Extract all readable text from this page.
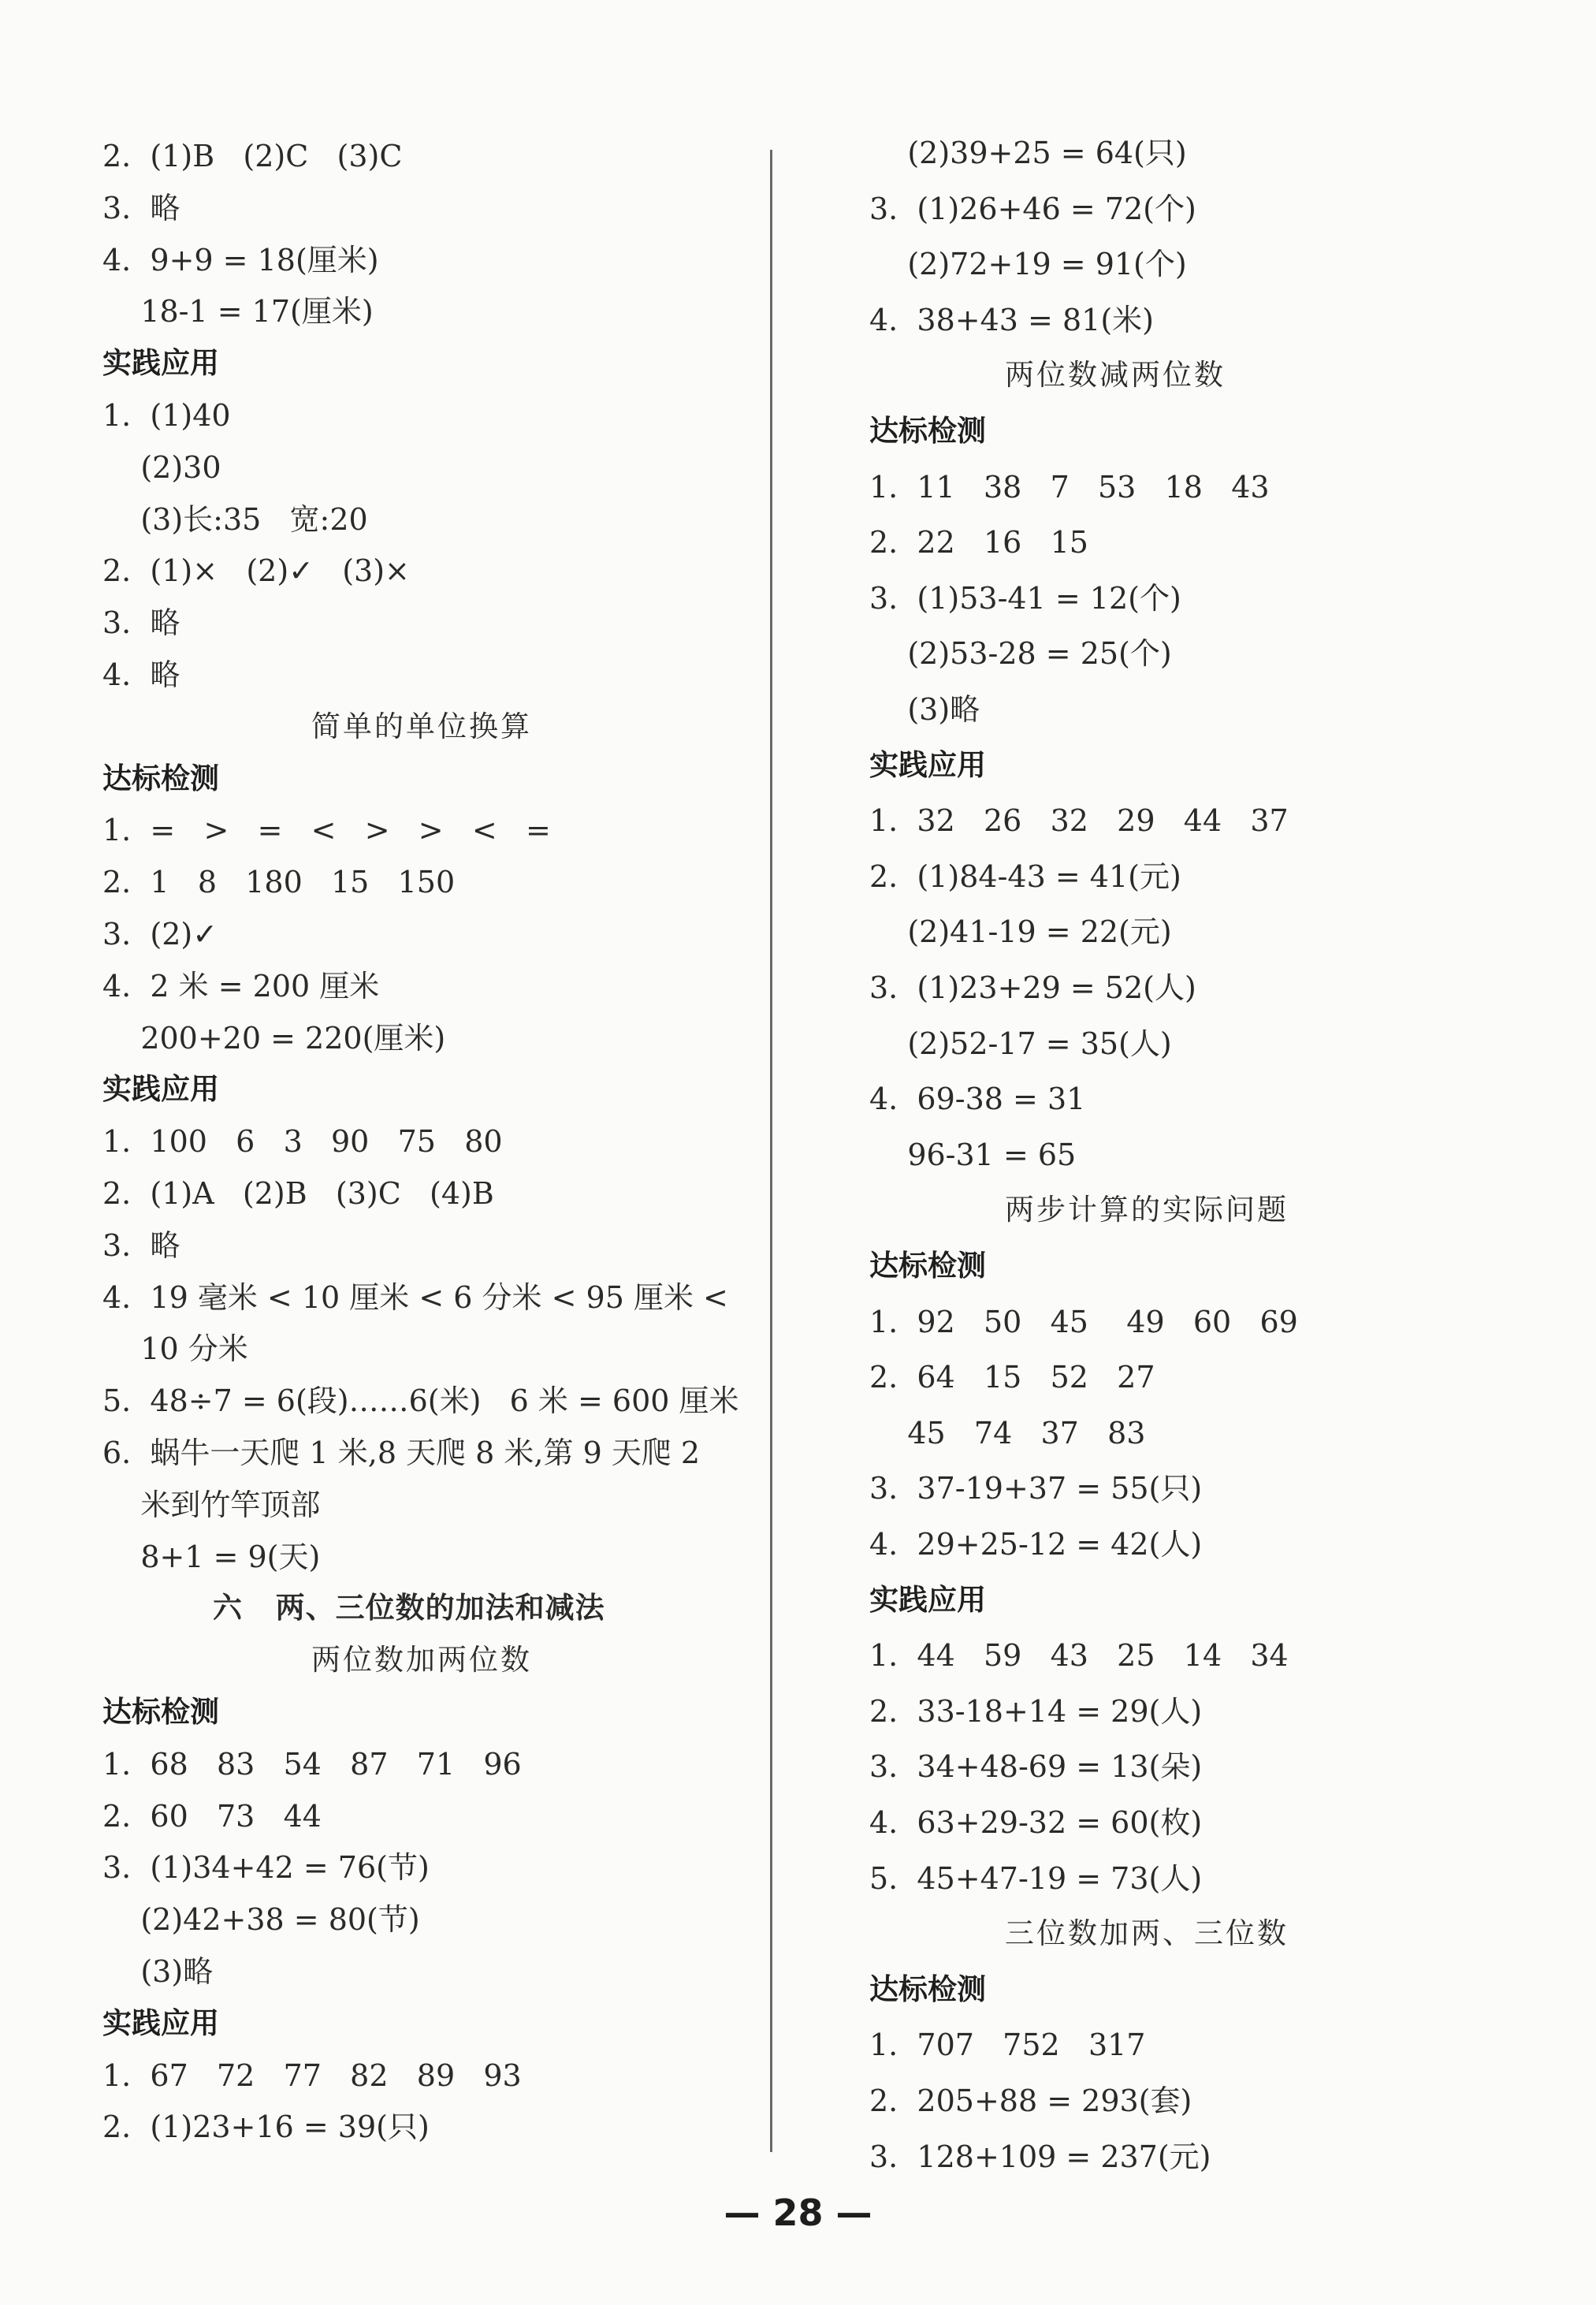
2.  (1)B   (2)C   (3)C
3.  略
4.  9+9 = 18(厘米)
18-1 = 17(厘米)
实践应用
1.  (1)40
(2)30
(3)长:35   宽:20
2.  (1)×   (2)✓   (3)×
3.  略
4.  略
简单的单位换算
达标检测
1.  =   >   =   <   >   >   <   =
2.  1   8   180   15   150
3.  (2)✓
4.  2 米 = 200 厘米
200+20 = 220(厘米)
实践应用
1.  100   6   3   90   75   80
2.  (1)A   (2)B   (3)C   (4)B
3.  略
4.  19 毫米 < 10 厘米 < 6 分米 < 95 厘米 <
10 分米
5.  48÷7 = 6(段)……6(米)   6 米 = 600 厘米
6.  蜗牛一天爬 1 米,8 天爬 8 米,第 9 天爬 2
米到竹竿顶部
8+1 = 9(天)
六   两、三位数的加法和减法
两位数加两位数
达标检测
1.  68   83   54   87   71   96
2.  60   73   44
3.  (1)34+42 = 76(节)
(2)42+38 = 80(节)
(3)略
实践应用
1.  67   72   77   82   89   93
2.  (1)23+16 = 39(只)
(2)39+25 = 64(只)
3.  (1)26+46 = 72(个)
(2)72+19 = 91(个)
4.  38+43 = 81(米)
两位数减两位数
达标检测
1.  11   38   7   53   18   43
2.  22   16   15
3.  (1)53-41 = 12(个)
(2)53-28 = 25(个)
(3)略
实践应用
1.  32   26   32   29   44   37
2.  (1)84-43 = 41(元)
(2)41-19 = 22(元)
3.  (1)23+29 = 52(人)
(2)52-17 = 35(人)
4.  69-38 = 31
96-31 = 65
两步计算的实际问题
达标检测
1.  92   50   45    49   60   69
2.  64   15   52   27
45   74   37   83
3.  37-19+37 = 55(只)
4.  29+25-12 = 42(人)
实践应用
1.  44   59   43   25   14   34
2.  33-18+14 = 29(人)
3.  34+48-69 = 13(朵)
4.  63+29-32 = 60(枚)
5.  45+47-19 = 73(人)
三位数加两、三位数
达标检测
1.  707   752   317
2.  205+88 = 293(套)
3.  128+109 = 237(元)
— 28 —
